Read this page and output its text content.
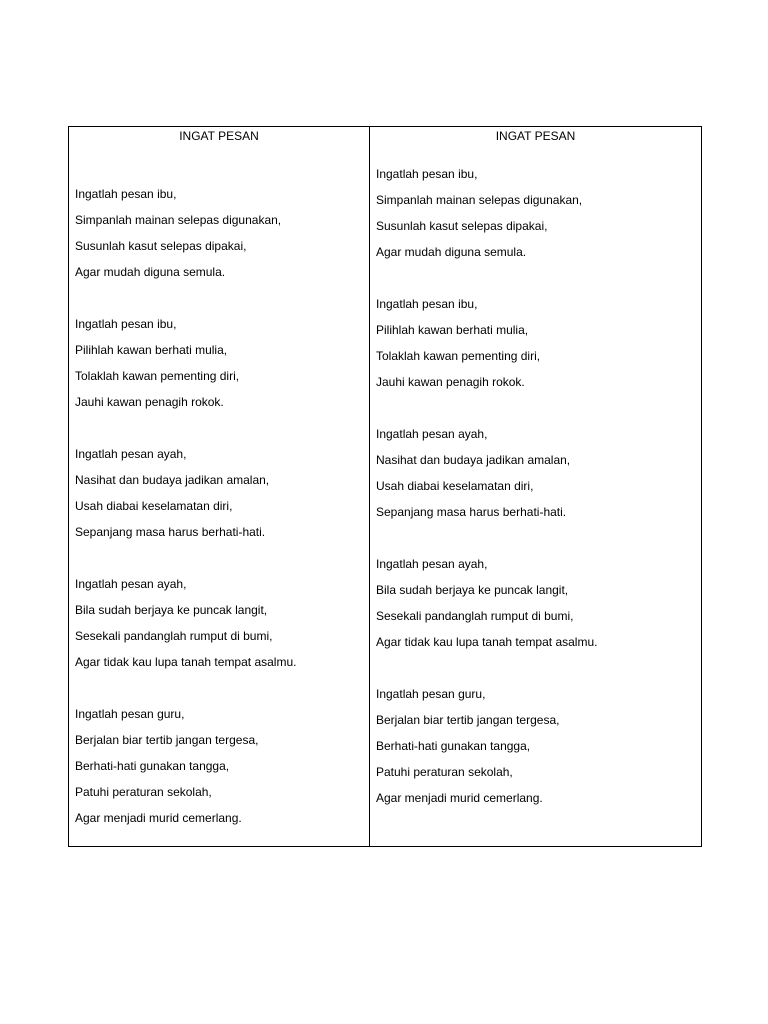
INGAT PESAN
Ingatlah pesan ibu,
Simpanlah mainan selepas digunakan,
Susunlah kasut selepas dipakai,
Agar mudah diguna semula.
Ingatlah pesan ibu,
Pilihlah kawan berhati mulia,
Tolaklah kawan pementing diri,
Jauhi kawan penagih rokok.
Ingatlah pesan ayah,
Nasihat dan budaya jadikan amalan,
Usah diabai keselamatan diri,
Sepanjang masa harus berhati-hati.
Ingatlah pesan ayah,
Bila sudah berjaya ke puncak langit,
Sesekali pandanglah rumput di bumi,
Agar tidak kau lupa tanah tempat asalmu.
Ingatlah pesan guru,
Berjalan biar tertib jangan tergesa,
Berhati-hati gunakan tangga,
Patuhi peraturan sekolah,
Agar menjadi murid cemerlang.
INGAT PESAN
Ingatlah pesan ibu,
Simpanlah mainan selepas digunakan,
Susunlah kasut selepas dipakai,
Agar mudah diguna semula.
Ingatlah pesan ibu,
Pilihlah kawan berhati mulia,
Tolaklah kawan pementing diri,
Jauhi kawan penagih rokok.
Ingatlah pesan ayah,
Nasihat dan budaya jadikan amalan,
Usah diabai keselamatan diri,
Sepanjang masa harus berhati-hati.
Ingatlah pesan ayah,
Bila sudah berjaya ke puncak langit,
Sesekali pandanglah rumput di bumi,
Agar tidak kau lupa tanah tempat asalmu.
Ingatlah pesan guru,
Berjalan biar tertib jangan tergesa,
Berhati-hati gunakan tangga,
Patuhi peraturan sekolah,
Agar menjadi murid cemerlang.
